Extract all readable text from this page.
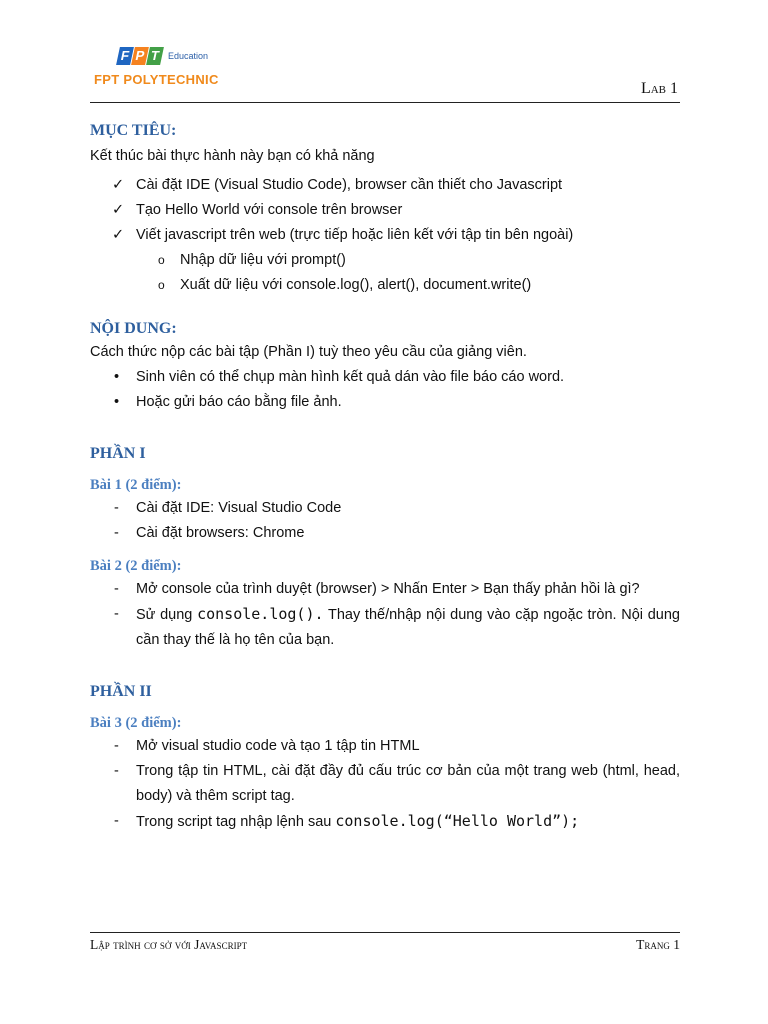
F P T Education
FPT POLYTECHNIC
Lab 1
MỤC TIÊU:

Kết thúc bài thực hành này bạn có khả năng

✓ Cài đặt IDE (Visual Studio Code), browser cần thiết cho Javascript
✓ Tạo Hello World với console trên browser
✓ Viết javascript trên web (trực tiếp hoặc liên kết với tập tin bên ngoài)
o Nhập dữ liệu với prompt()
o Xuất dữ liệu với console.log(), alert(), document.write()
NỘI DUNG:

Cách thức nộp các bài tập (Phần I) tuỳ theo yêu cầu của giảng viên.

• Sinh viên có thể chụp màn hình kết quả dán vào file báo cáo word.
• Hoặc gửi báo cáo bằng file ảnh.
PHẦN I
Bài 1 (2 điểm):
- Cài đặt IDE: Visual Studio Code
- Cài đặt browsers: Chrome
Bài 2 (2 điểm):
- Mở console của trình duyệt (browser) > Nhấn Enter > Bạn thấy phản hồi là gì?
- Sử dụng console.log(). Thay thế/nhập nội dung vào cặp ngoặc tròn. Nội dung cần thay thế là họ tên của bạn.
PHẦN II
Bài 3 (2 điểm):
- Mở visual studio code và tạo 1 tập tin HTML
- Trong tập tin HTML, cài đặt đầy đủ cấu trúc cơ bản của một trang web (html, head, body) và thêm script tag.
- Trong script tag nhập lệnh sau console.log(“Hello World”);
Lập trình cơ sở với Javascript	Trang 1
